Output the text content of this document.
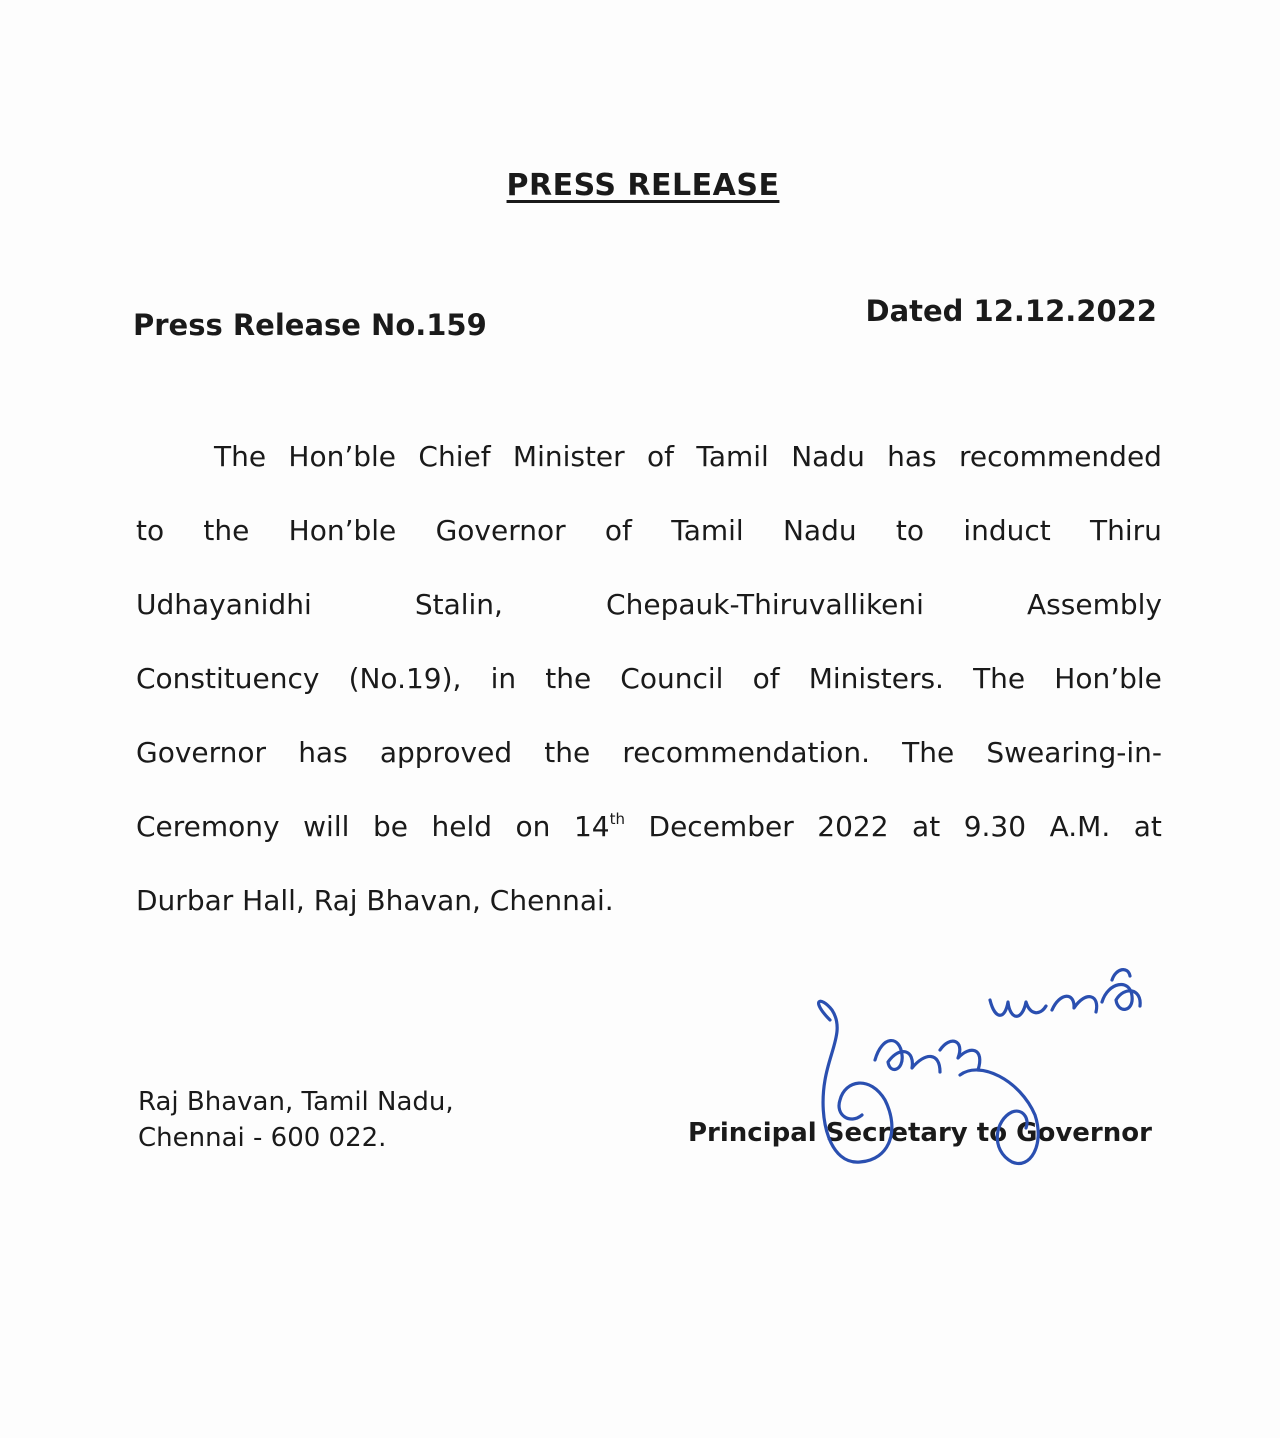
PRESS RELEASE
Press Release No.159	Dated 12.12.2022
The Hon’ble Chief Minister of Tamil Nadu has recommended
to the Hon’ble Governor of Tamil Nadu to induct Thiru
Udhayanidhi	Stalin,	Chepauk-Thiruvallikeni	Assembly
Constituency (No.19), in the Council of Ministers. The Hon’ble
Governor has approved the recommendation. The Swearing-in-
Ceremony will be held on 14th December 2022 at 9.30 A.M. at
Durbar Hall, Raj Bhavan, Chennai.
Raj Bhavan, Tamil Nadu,
Chennai - 600 022.	Principal Secretary to Governor
